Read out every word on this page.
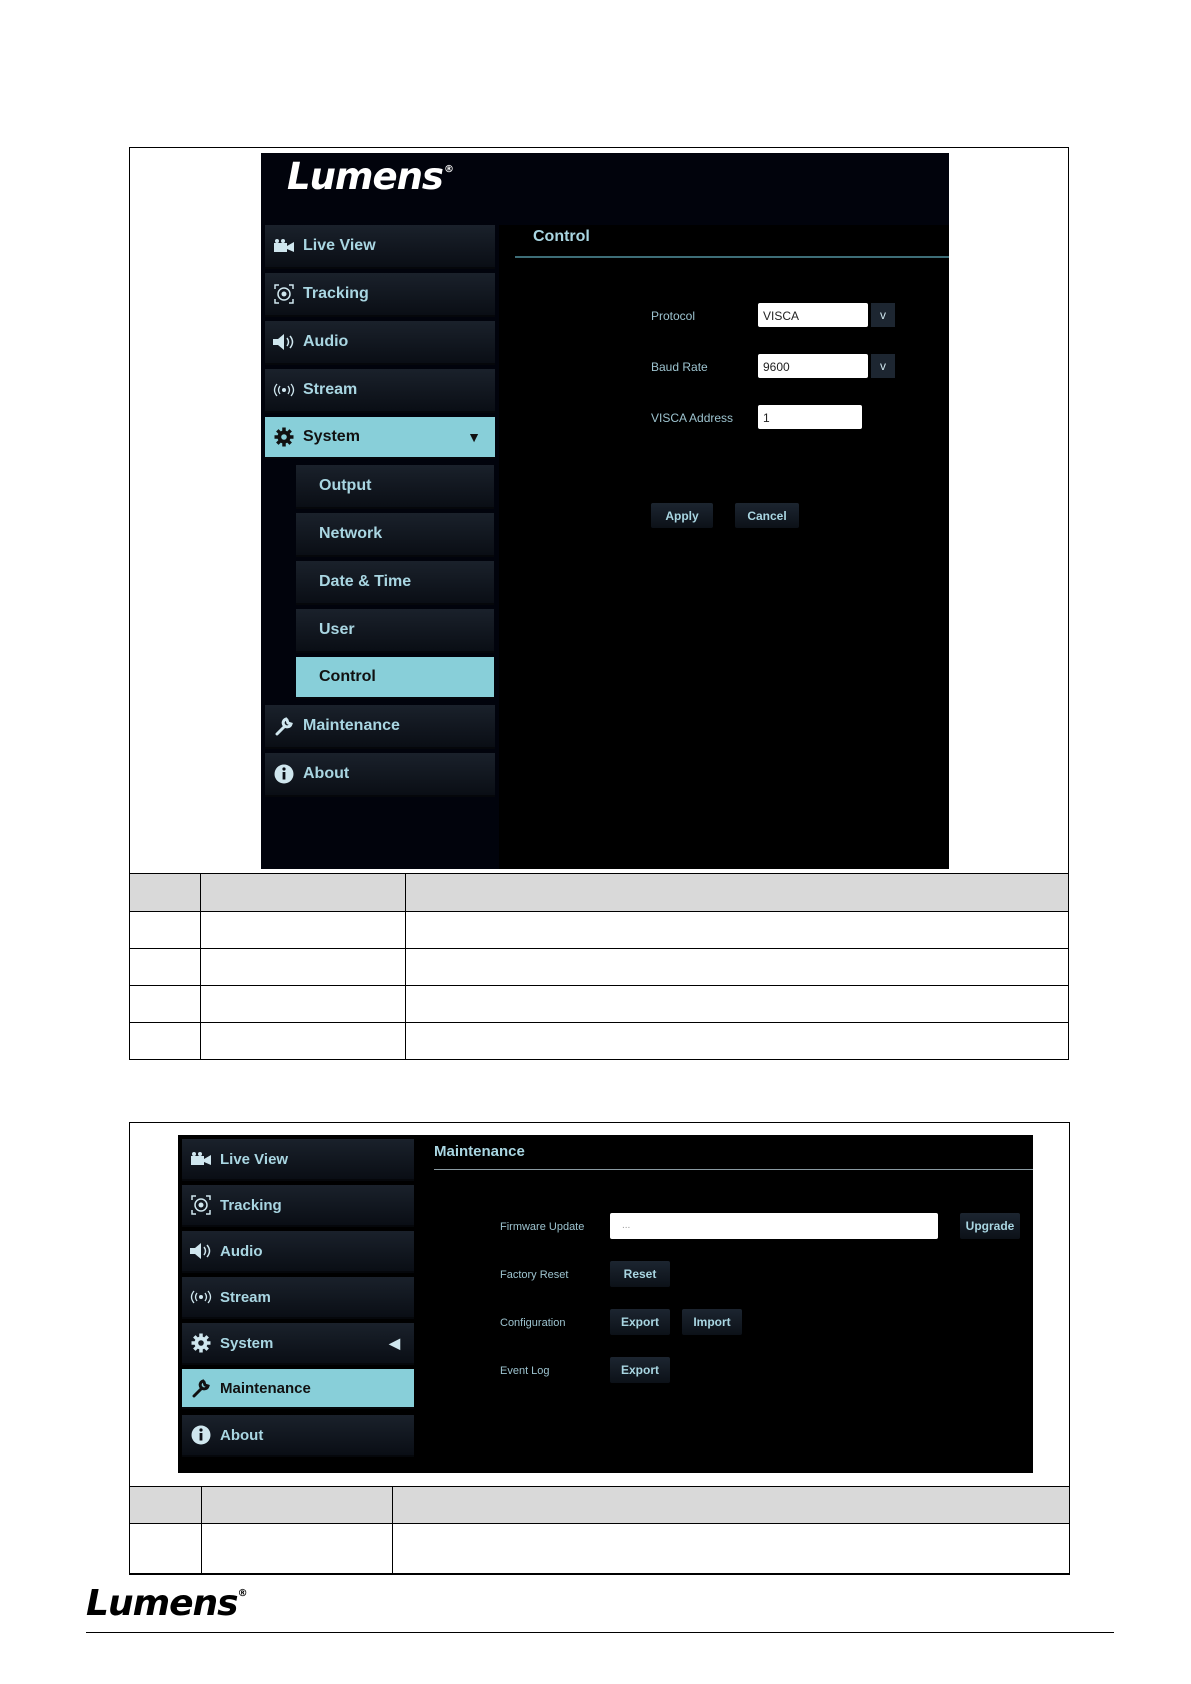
Lumens®
Live View
Tracking
Audio
Stream
System	▼
Output
Network
Date & Time
User
Control
Maintenance
About
Control
Protocol	VISCA	v
Baud Rate	9600	v
VISCA Address	1
Apply	Cancel

Live View
Tracking
Audio
Stream
System	◀
Maintenance
About
Maintenance
Firmware Update	...	Upgrade
Factory Reset	Reset
Configuration	Export	Import
Event Log	Export

Lumens®
